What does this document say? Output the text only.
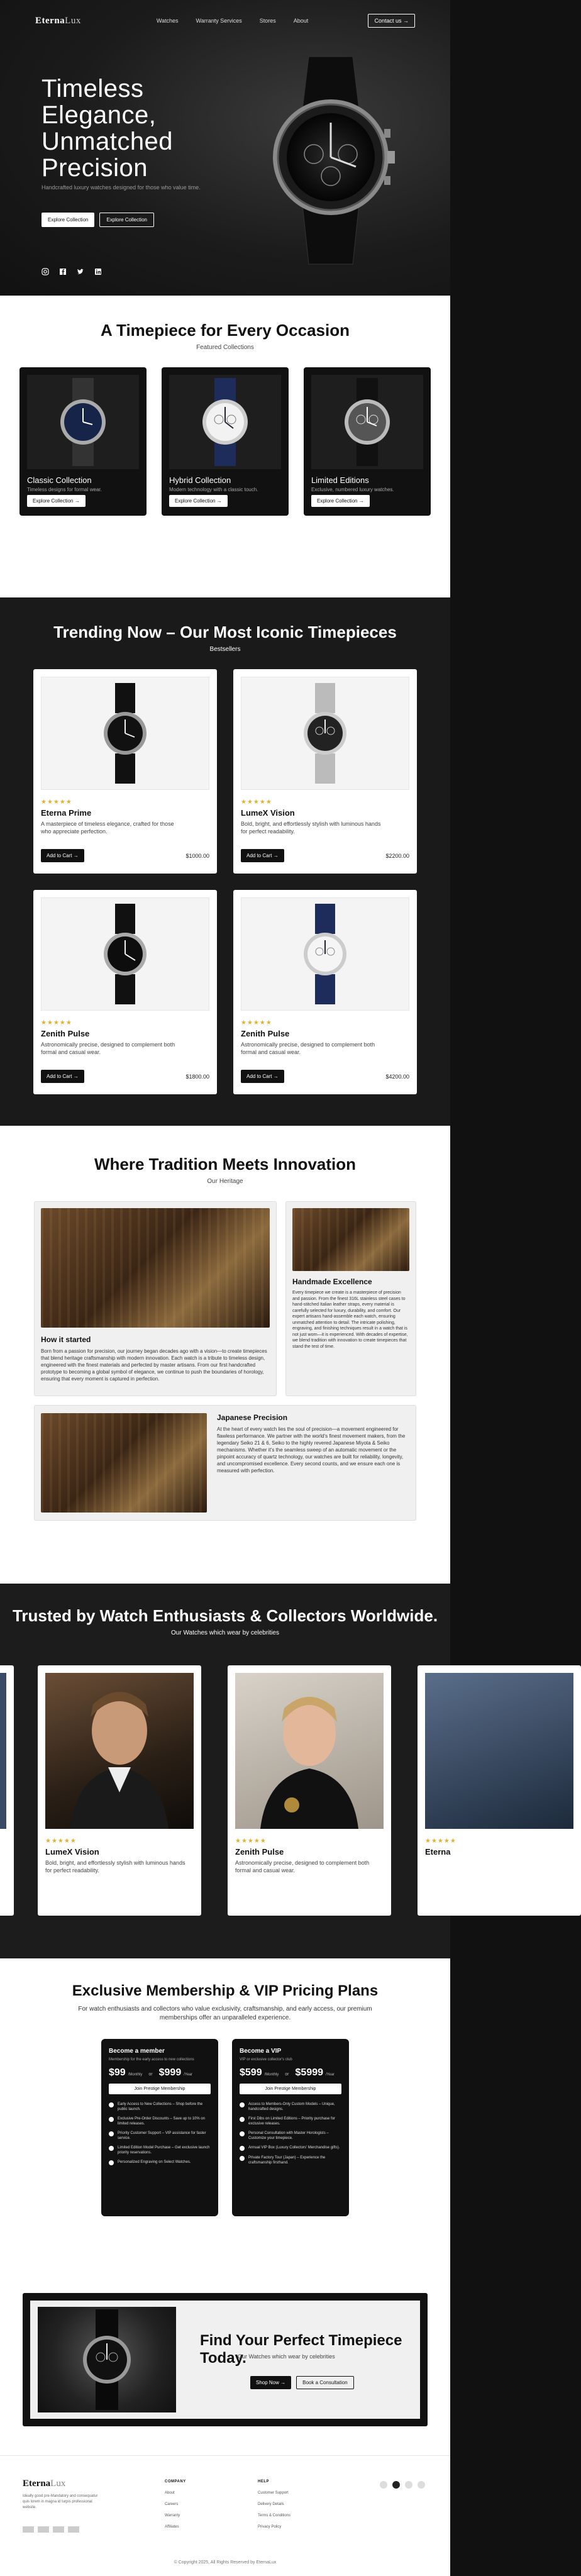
EternaLux	Watches	Warranty Services	Stores	About	Contact us →
Timeless Elegance, Unmatched Precision

Handcrafted luxury watches designed for those who value time.

Explore Collection	Explore Collection
A Timepiece for Every Occasion

Featured Collections

Classic Collection
Timeless designs for formal wear.
Explore Collection →
Hybrid Collection
Modern technology with a classic touch.
Explore Collection →
Limited Editions
Exclusive, numbered luxury watches.
Explore Collection →
Trending Now – Our Most Iconic Timepieces

Bestsellers

★★★★★
Eterna Prime
A masterpiece of timeless elegance, crafted for those who appreciate perfection.
Add to Cart →	$1000.00
★★★★★
LumeX Vision
Bold, bright, and effortlessly stylish with luminous hands for perfect readability.
Add to Cart →	$2200.00
★★★★★
Zenith Pulse
Astronomically precise, designed to complement both formal and casual wear.
Add to Cart →	$1800.00
★★★★★
Zenith Pulse
Astronomically precise, designed to complement both formal and casual wear.
Add to Cart →	$4200.00
Where Tradition Meets Innovation

Our Heritage

How it started
Born from a passion for precision, our journey began decades ago with a vision—to create timepieces that blend heritage craftsmanship with modern innovation. Each watch is a tribute to timeless design, engineered with the finest materials and perfected by master artisans. From our first handcrafted prototype to becoming a global symbol of elegance, we continue to push the boundaries of horology, ensuring that every moment is captured in perfection.
Handmade Excellence
Every timepiece we create is a masterpiece of precision and passion. From the finest 316L stainless steel cases to hand-stitched Italian leather straps, every material is carefully selected for luxury, durability, and comfort. Our expert artisans hand-assemble each watch, ensuring unmatched attention to detail. The intricate polishing, engraving, and finishing techniques result in a watch that is not just worn—it is experienced. With decades of expertise, we blend tradition with innovation to create timepieces that stand the test of time.
Japanese Precision
At the heart of every watch lies the soul of precision—a movement engineered for flawless performance. We partner with the world's finest movement makers, from the legendary Seiko 21 & 6, Seiko to the highly revered Japanese Miyota & Seiko mechanisms. Whether it's the seamless sweep of an automatic movement or the pinpoint accuracy of quartz technology, our watches are built for reliability, longevity, and uncompromised excellence. Every second counts, and we ensure each one is measured with perfection.
Trusted by Watch Enthusiasts & Collectors Worldwide.

Our Watches which wear by celebrities

★★★★★
LumeX Vision
Bold, bright, and effortlessly stylish with luminous hands for perfect readability.
★★★★★
Zenith Pulse
Astronomically precise, designed to complement both formal and casual wear.
★★★★★
Eterna
Exclusive Membership & VIP Pricing Plans

For watch enthusiasts and collectors who value exclusivity, craftsmanship, and early access, our premium memberships offer an unparalleled experience.

Become a member
Membership for the early access to new collections
$99 /Monthly or $999 /Year
Join Prestige Membership
Early Access to New Collections – Shop before the public launch.
Exclusive Pre-Order Discounts – Save up to 10% on limited releases.
Priority Customer Support – VIP assistance for faster service.
Limited Edition Model Purchase – Get exclusive launch priority reservations.
Personalized Engraving on Select Watches.
Become a VIP
VIP or exclusive collector's club
$599 /Monthly or $5999 /Year
Join Prestige Membership
Access to Members-Only Custom Models – Unique, handcrafted designs.
First Dibs on Limited Editions – Priority purchase for exclusive releases.
Personal Consultation with Master Horologists – Customize your timepiece.
Annual VIP Box (Luxury Collectors' Merchandise gifts).
Private Factory Tour (Japan) – Experience the craftsmanship firsthand.
Find Your Perfect Timepiece Today.
Our Watches which wear by celebrities
Shop Now →	Book a Consultation
EternaLux
Ideally good pre-Mandatory and consequatur quis lorem in magna id turpis professional website.
COMPANY
About
Careers
Warranty
Affiliates
HELP
Customer Support
Delivery Details
Terms & Conditions
Privacy Policy
© Copyright 2025, All Rights Reserved by EternaLux
